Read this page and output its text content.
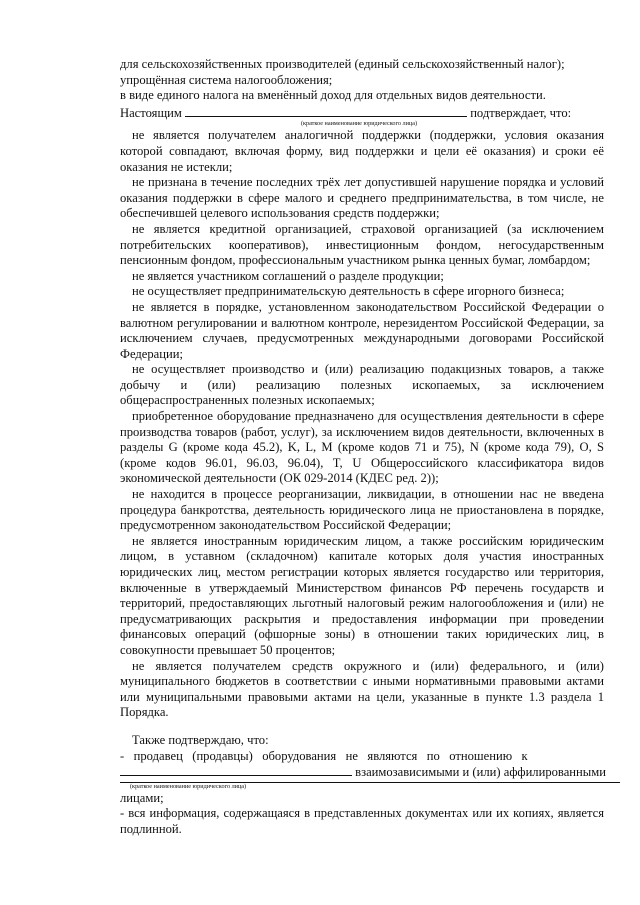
для сельскохозяйственных производителей (единый сельскохозяйственный налог);

упрощённая система налогообложения;

в виде единого налога на вменённый доход для отдельных видов деятельности.

Настоящим	подтверждает, что:

(краткое наименование юридического лица)

не является получателем аналогичной поддержки (поддержки, условия оказания которой совпадают, включая форму, вид поддержки и цели её оказания) и сроки её оказания не истекли;

не признана в течение последних трёх лет допустившей нарушение порядка и условий оказания поддержки в сфере малого и среднего предпринимательства, в том числе, не обеспечившей целевого использования средств поддержки;

не является кредитной организацией, страховой организацией (за исключением потребительских кооперативов), инвестиционным фондом, негосударственным пенсионным фондом, профессиональным участником рынка ценных бумаг, ломбардом;

не является участником соглашений о разделе продукции;

не осуществляет предпринимательскую деятельность в сфере игорного бизнеса;

не является в порядке, установленном законодательством Российской Федерации о валютном регулировании и валютном контроле, нерезидентом Российской Федерации, за исключением случаев, предусмотренных международными договорами Российской Федерации;

не осуществляет производство и (или) реализацию подакцизных товаров, а также добычу и (или) реализацию полезных ископаемых, за исключением общераспространенных полезных ископаемых;

приобретенное оборудование предназначено для осуществления деятельности в сфере производства товаров (работ, услуг), за исключением видов деятельности, включенных в разделы G (кроме кода 45.2), K, L, M (кроме кодов 71 и 75), N (кроме кода 79), O, S (кроме кодов 96.01, 96.03, 96.04), T, U Общероссийского классификатора видов экономической деятельности (ОК 029-2014 (КДЕС ред. 2));

не находится в процессе реорганизации, ликвидации, в отношении нас не введена процедура банкротства, деятельность юридического лица не приостановлена в порядке, предусмотренном законодательством Российской Федерации;

не является иностранным юридическим лицом, а также российским юридическим лицом, в уставном (складочном) капитале которых доля участия иностранных юридических лиц, местом регистрации которых является государство или территория, включенные в утверждаемый Министерством финансов РФ перечень государств и территорий, предоставляющих льготный налоговый режим налогообложения и (или) не предусматривающих раскрытия и предоставления информации при проведении финансовых операций (офшорные зоны) в отношении таких юридических лиц, в совокупности превышает 50 процентов;

не является получателем средств окружного и (или) федерального, и (или) муниципального бюджетов в соответствии с иными нормативными правовыми актами или муниципальными правовыми актами на цели, указанные в пункте 1.3 раздела 1 Порядка.

Также подтверждаю, что:

-   продавец   (продавцы)   оборудования   не   являются   по   отношению   к

взаимозависимыми и (или) аффилированными

(краткое наименование юридического лица)

лицами;

- вся информация, содержащаяся в представленных документах или их копиях, является подлинной.
